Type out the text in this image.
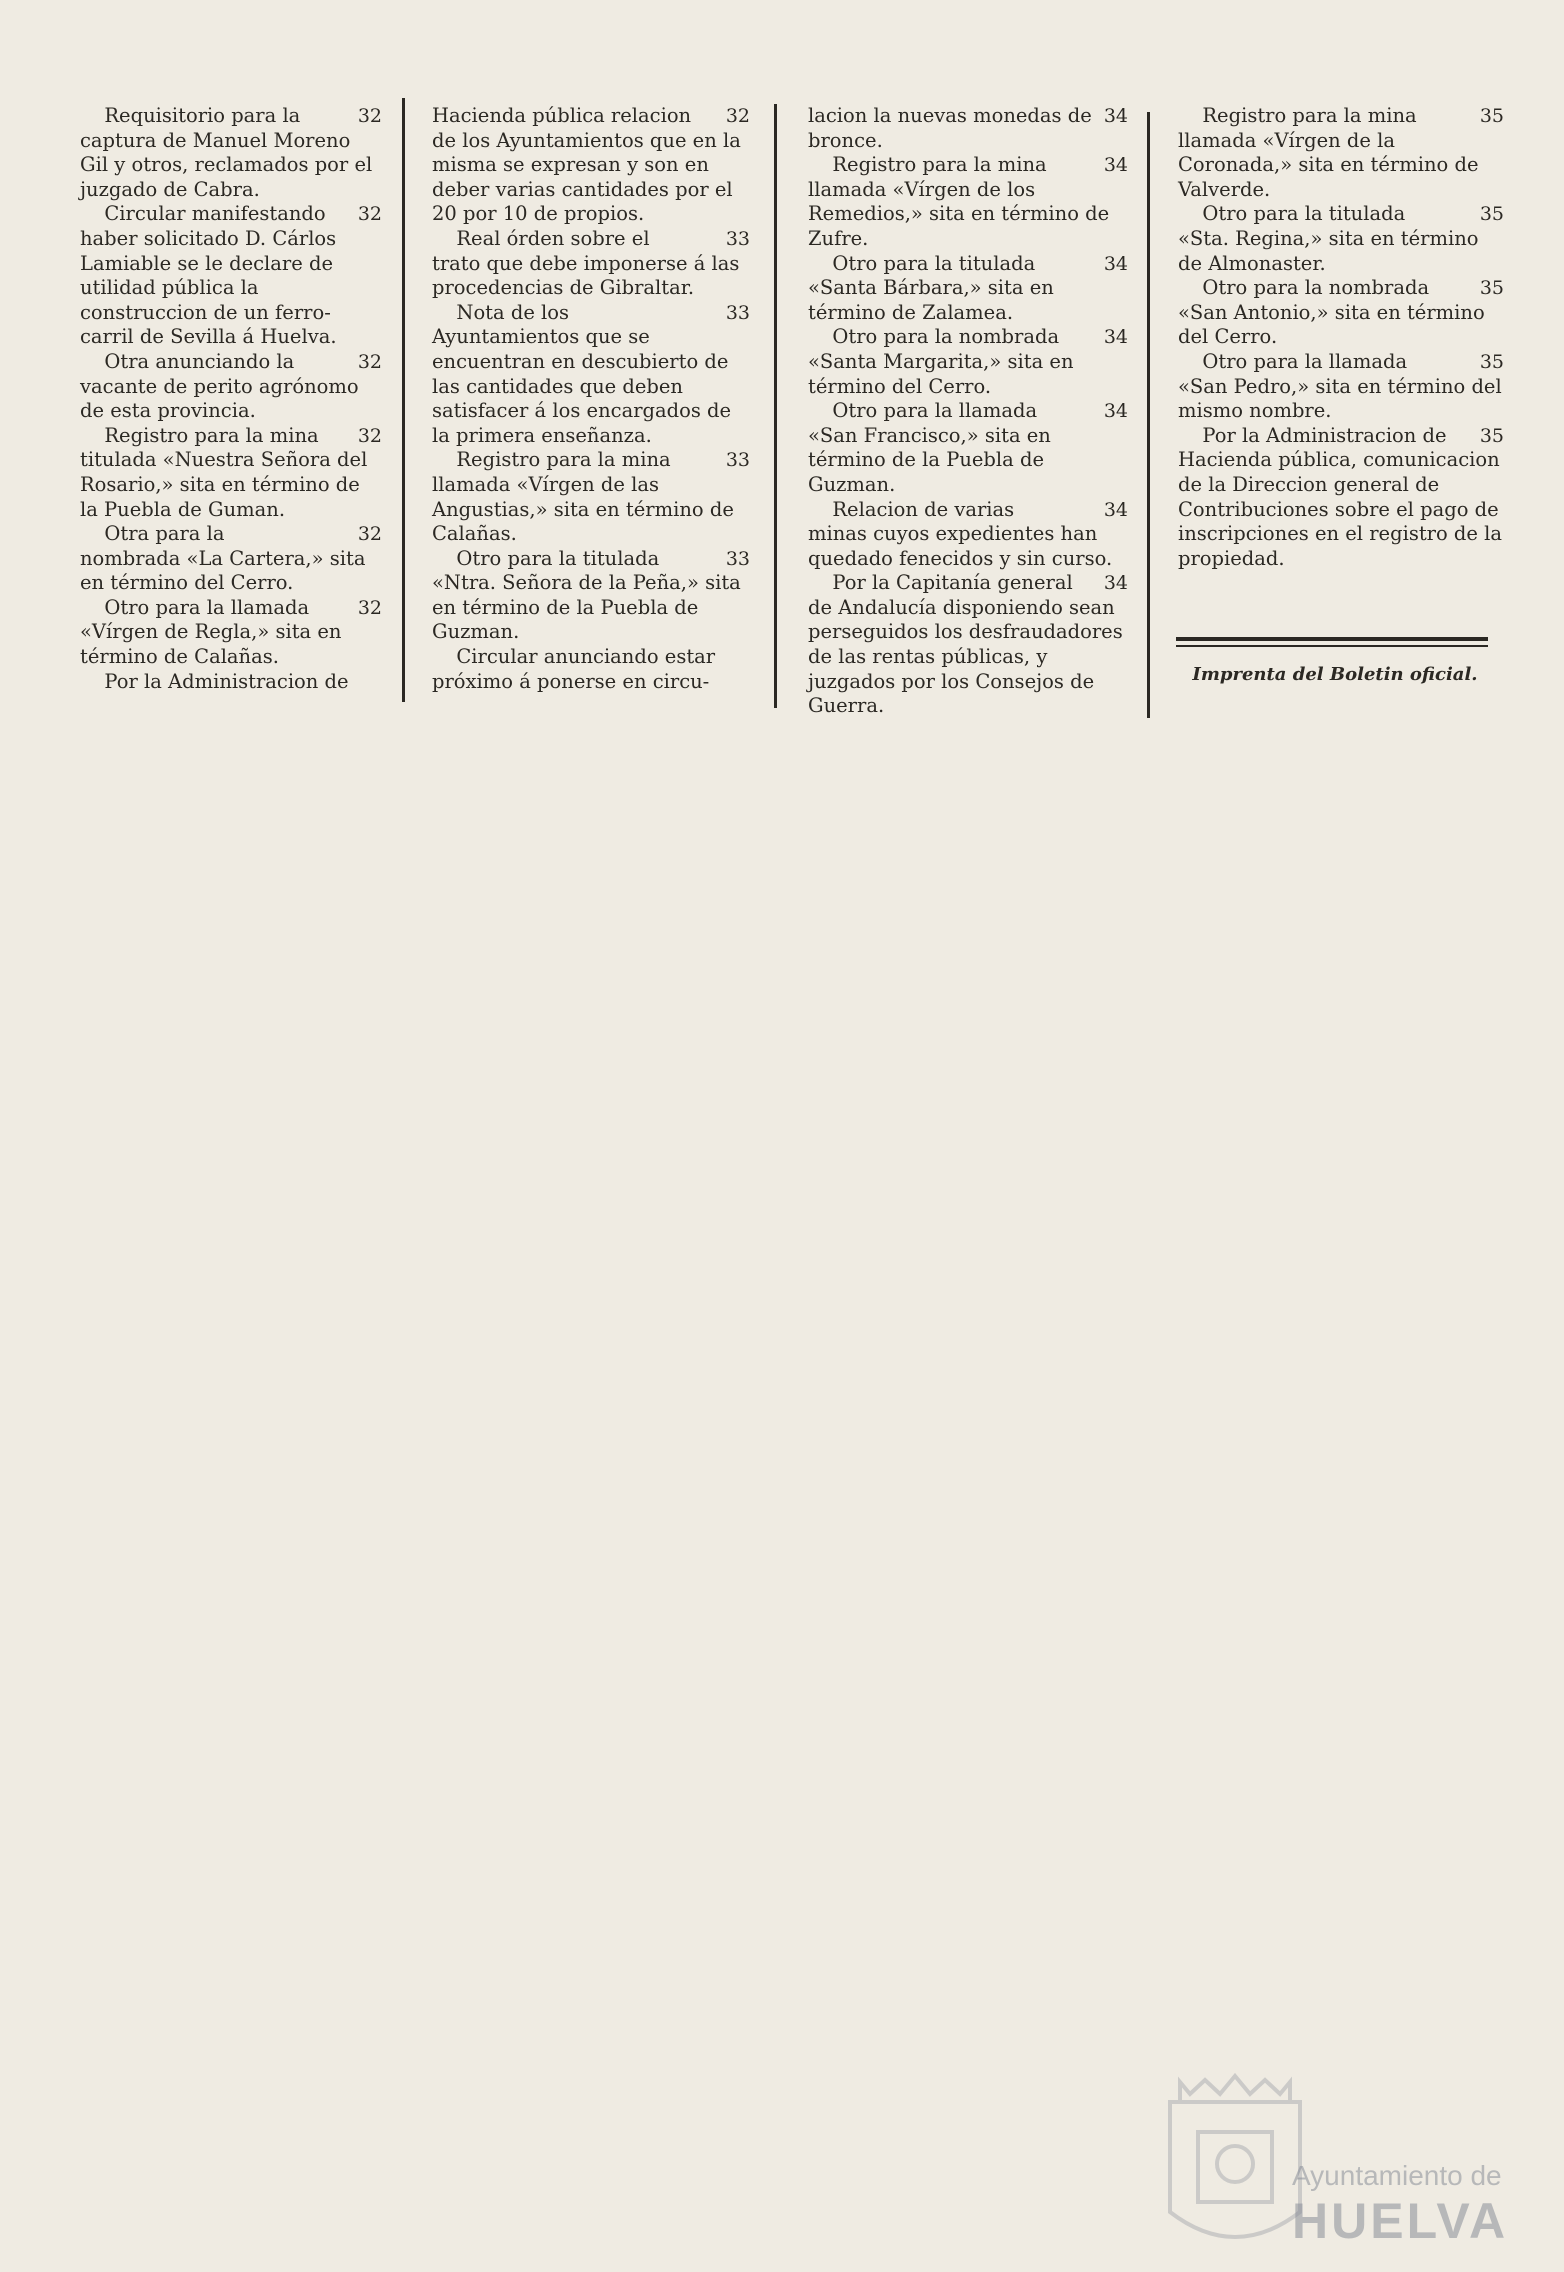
32
Requisitorio para la captura de Manuel Moreno Gil y otros, reclamados por el juzgado de Cabra.
32
Circular manifestando haber solicitado D. Cárlos Lamiable se le declare de utilidad pública la construccion de un ferro-carril de Sevilla á Huelva.
32
Otra anunciando la vacante de perito agrónomo de esta provincia.
32
Registro para la mina titulada «Nuestra Señora del Rosario,» sita en término de la Puebla de Guman.
32
Otra para la nombrada «La Cartera,» sita en término del Cerro.
32
Otro para la llamada «Vírgen de Regla,» sita en término de Calañas.
Por la Administracion de
32
Hacienda pública relacion de los Ayuntamientos que en la misma se expresan y son en deber varias cantidades por el 20 por 10 de propios.
33
Real órden sobre el trato que debe imponerse á las procedencias de Gibraltar.
33
Nota de los Ayuntamientos que se encuentran en descubierto de las cantidades que deben satisfacer á los encargados de la primera enseñanza.
33
Registro para la mina llamada «Vírgen de las Angustias,» sita en término de Calañas.
33
Otro para la titulada «Ntra. Señora de la Peña,» sita en término de la Puebla de Guzman.
Circular anunciando estar próximo á ponerse en circu-
34
lacion la nuevas monedas de bronce.
34
Registro para la mina llamada «Vírgen de los Remedios,» sita en término de Zufre.
34
Otro para la titulada «Santa Bárbara,» sita en término de Zalamea.
34
Otro para la nombrada «Santa Margarita,» sita en término del Cerro.
34
Otro para la llamada «San Francisco,» sita en término de la Puebla de Guzman.
34
Relacion de varias minas cuyos expedientes han quedado fenecidos y sin curso.
34
Por la Capitanía general de Andalucía disponiendo sean perseguidos los desfraudadores de las rentas públicas, y juzgados por los Consejos de Guerra.
35
Registro para la mina llamada «Vírgen de la Coronada,» sita en término de Valverde.
35
Otro para la titulada «Sta. Regina,» sita en término de Almonaster.
35
Otro para la nombrada «San Antonio,» sita en término del Cerro.
35
Otro para la llamada «San Pedro,» sita en término del mismo nombre.
35
Por la Administracion de Hacienda pública, comunicacion de la Direccion general de Contribuciones sobre el pago de inscripciones en el registro de la propiedad.
Imprenta del Boletin oficial.
Ayuntamiento de
HUELVA
